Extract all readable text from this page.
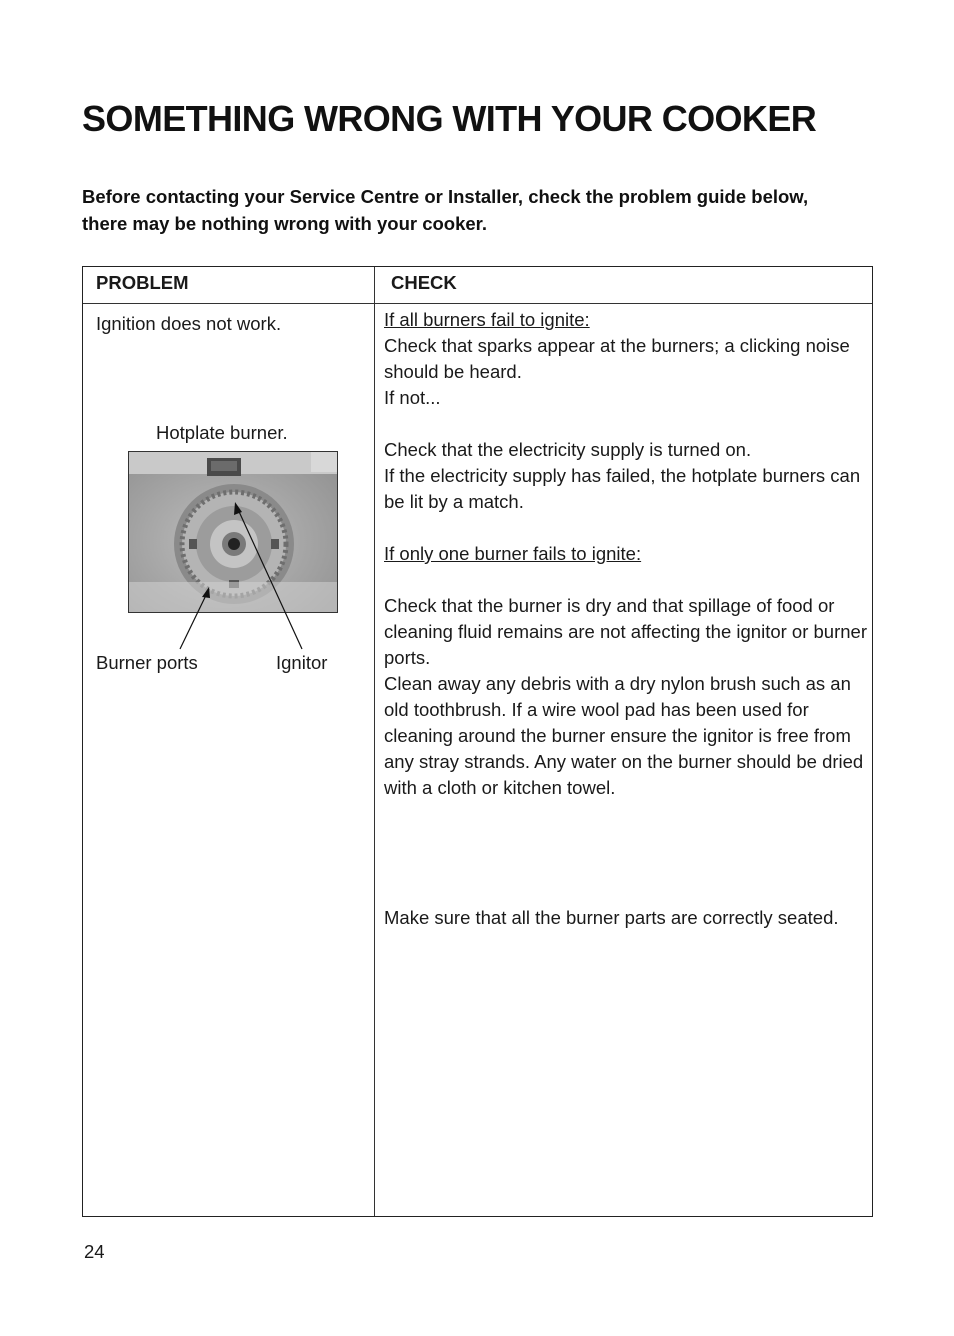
SOMETHING WRONG WITH YOUR COOKER

Before contacting your Service Centre or Installer, check the problem guide below, there may be nothing wrong with your cooker.

PROBLEM	CHECK
Ignition does not work.
Hotplate burner.
Burner ports	Ignitor

If all burners fail to ignite:

Check that sparks appear at the burners; a clicking noise should be heard.

If not...

Check that the electricity supply is turned on.

If the electricity supply has failed, the hotplate burners can be lit by a match.

If only one burner fails to ignite:

Check that the burner is dry and that spillage of food or cleaning fluid remains are not affecting the ignitor or burner ports.

Clean away any debris with a dry nylon brush such as an old toothbrush. If a wire wool pad has been used for cleaning around the burner ensure the ignitor is free from any stray strands. Any water on the burner should be dried with a cloth or kitchen towel.

Make sure that all the burner parts are correctly seated.

24
